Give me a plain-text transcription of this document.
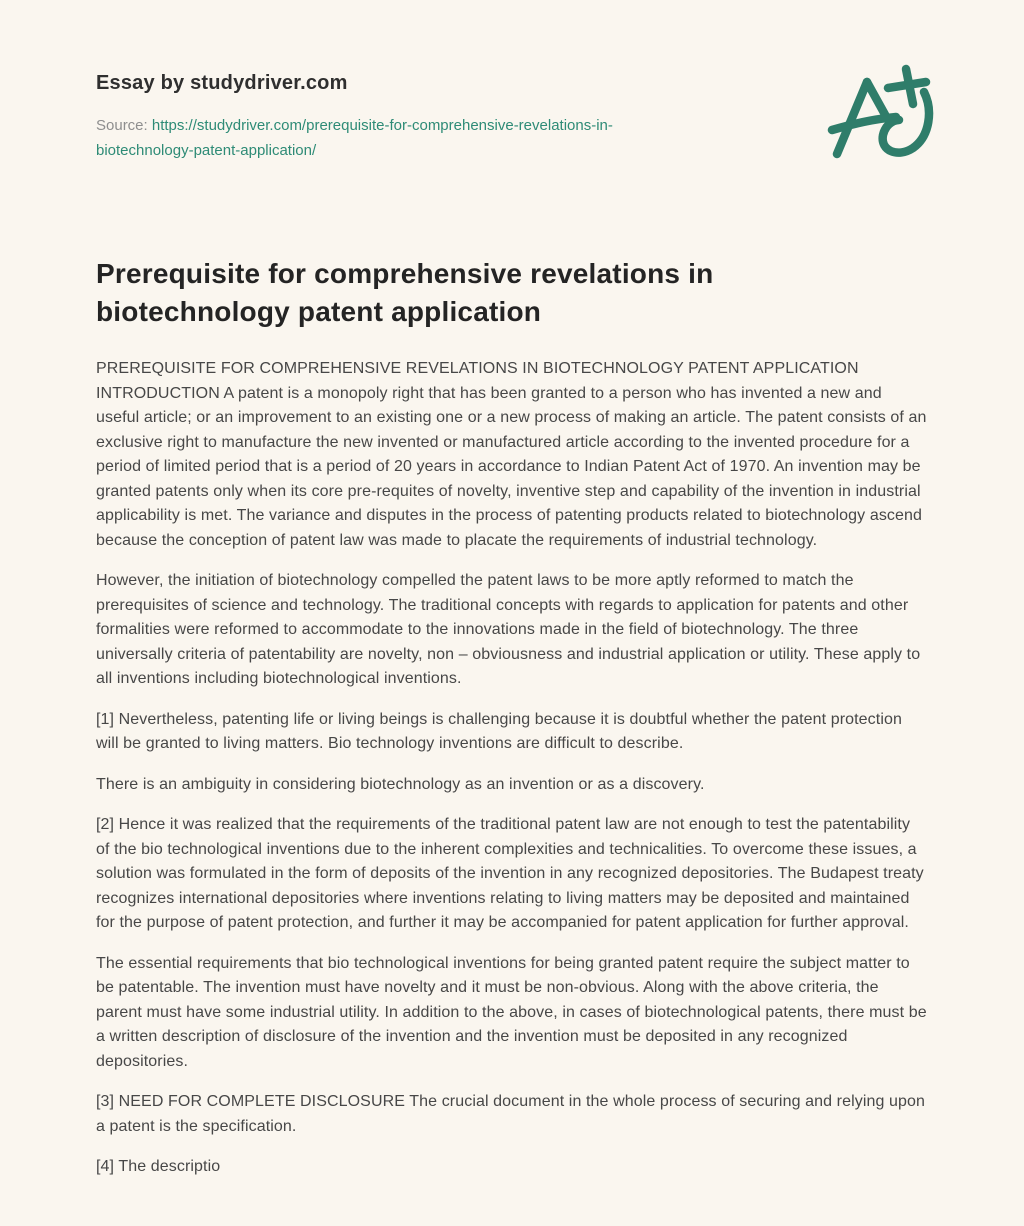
Essay by studydriver.com

Source: https://studydriver.com/prerequisite-for-comprehensive-revelations-in-biotechnology-patent-application/

Prerequisite for comprehensive revelations in biotechnology patent application

PREREQUISITE FOR COMPREHENSIVE REVELATIONS IN BIOTECHNOLOGY PATENT APPLICATION INTRODUCTION A patent is a monopoly right that has been granted to a person who has invented a new and useful article; or an improvement to an existing one or a new process of making an article. The patent consists of an exclusive right to manufacture the new invented or manufactured article according to the invented procedure for a period of limited period that is a period of 20 years in accordance to Indian Patent Act of 1970. An invention may be granted patents only when its core pre-requites of novelty, inventive step and capability of the invention in industrial applicability is met. The variance and disputes in the process of patenting products related to biotechnology ascend because the conception of patent law was made to placate the requirements of industrial technology.

However, the initiation of biotechnology compelled the patent laws to be more aptly reformed to match the prerequisites of science and technology. The traditional concepts with regards to application for patents and other formalities were reformed to accommodate to the innovations made in the field of biotechnology. The three universally criteria of patentability are novelty, non – obviousness and industrial application or utility. These apply to all inventions including biotechnological inventions.

[1] Nevertheless, patenting life or living beings is challenging because it is doubtful whether the patent protection will be granted to living matters. Bio technology inventions are difficult to describe.

There is an ambiguity in considering biotechnology as an invention or as a discovery.

[2] Hence it was realized that the requirements of the traditional patent law are not enough to test the patentability of the bio technological inventions due to the inherent complexities and technicalities. To overcome these issues, a solution was formulated in the form of deposits of the invention in any recognized depositories. The Budapest treaty recognizes international depositories where inventions relating to living matters may be deposited and maintained for the purpose of patent protection, and further it may be accompanied for patent application for further approval.

The essential requirements that bio technological inventions for being granted patent require the subject matter to be patentable. The invention must have novelty and it must be non-obvious. Along with the above criteria, the parent must have some industrial utility. In addition to the above, in cases of biotechnological patents, there must be a written description of disclosure of the invention and the invention must be deposited in any recognized depositories.

[3] NEED FOR COMPLETE DISCLOSURE The crucial document in the whole process of securing and relying upon a patent is the specification.

[4] The descriptio
